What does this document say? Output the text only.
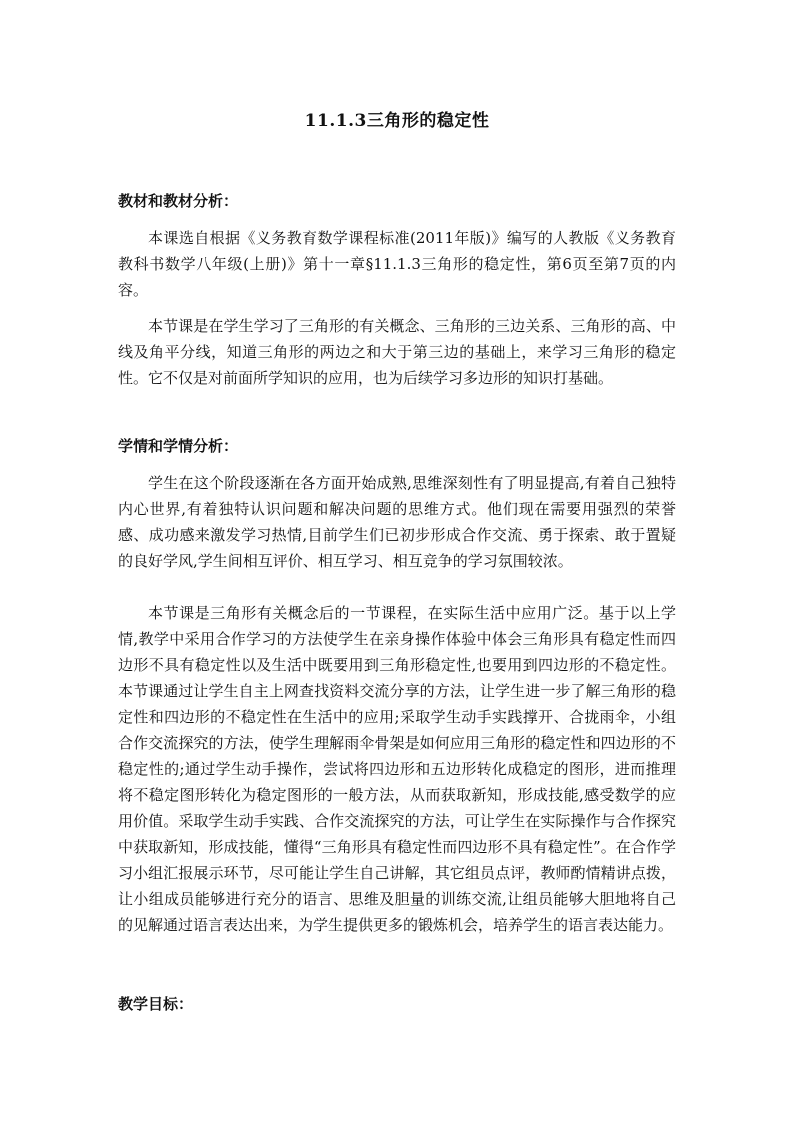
11.1.3三角形的稳定性
教材和教材分析：

本课选自根据《义务教育数学课程标准(2011年版)》编写的人教版《义务教育教科书数学八年级(上册)》第十一章§11.1.3三角形的稳定性，第6页至第7页的内容。

本节课是在学生学习了三角形的有关概念、三角形的三边关系、三角形的高、中线及角平分线，知道三角形的两边之和大于第三边的基础上，来学习三角形的稳定性。它不仅是对前面所学知识的应用，也为后续学习多边形的知识打基础。

学情和学情分析：

学生在这个阶段逐渐在各方面开始成熟,思维深刻性有了明显提高,有着自己独特内心世界,有着独特认识问题和解决问题的思维方式。他们现在需要用强烈的荣誉感、成功感来激发学习热情,目前学生们已初步形成合作交流、勇于探索、敢于置疑的良好学风,学生间相互评价、相互学习、相互竞争的学习氛围较浓。

本节课是三角形有关概念后的一节课程，在实际生活中应用广泛。基于以上学情,教学中采用合作学习的方法使学生在亲身操作体验中体会三角形具有稳定性而四边形不具有稳定性以及生活中既要用到三角形稳定性,也要用到四边形的不稳定性。本节课通过让学生自主上网查找资料交流分享的方法，让学生进一步了解三角形的稳定性和四边形的不稳定性在生活中的应用;采取学生动手实践撑开、合拢雨伞，小组合作交流探究的方法，使学生理解雨伞骨架是如何应用三角形的稳定性和四边形的不稳定性的;通过学生动手操作，尝试将四边形和五边形转化成稳定的图形，进而推理将不稳定图形转化为稳定图形的一般方法，从而获取新知，形成技能,感受数学的应用价值。采取学生动手实践、合作交流探究的方法，可让学生在实际操作与合作探究中获取新知，形成技能，懂得“三角形具有稳定性而四边形不具有稳定性”。在合作学习小组汇报展示环节，尽可能让学生自己讲解，其它组员点评，教师酌情精讲点拨，让小组成员能够进行充分的语言、思维及胆量的训练交流,让组员能够大胆地将自己的见解通过语言表达出来，为学生提供更多的锻炼机会，培养学生的语言表达能力。

教学目标：
